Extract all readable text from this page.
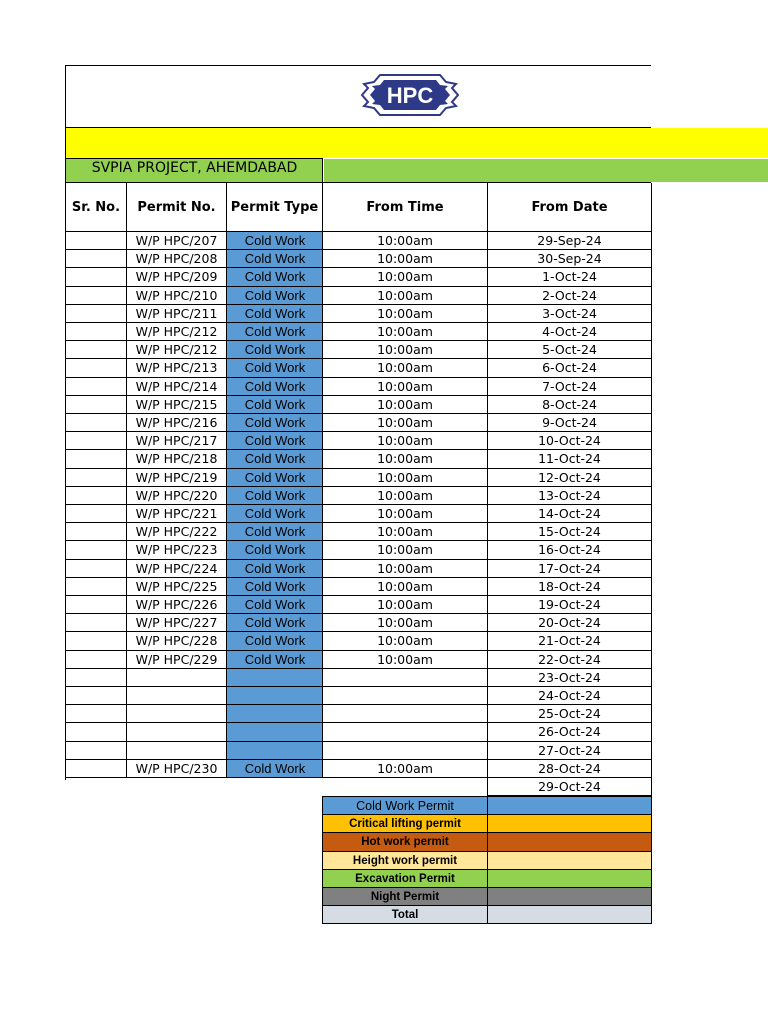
HPC
SVPIA PROJECT, AHEMDABAD
Sr. No.	Permit No.	Permit Type	From Time	From Date
W/P HPC/207	Cold Work	10:00am	29-Sep-24
W/P HPC/208	Cold Work	10:00am	30-Sep-24
W/P HPC/209	Cold Work	10:00am	1-Oct-24
W/P HPC/210	Cold Work	10:00am	2-Oct-24
W/P HPC/211	Cold Work	10:00am	3-Oct-24
W/P HPC/212	Cold Work	10:00am	4-Oct-24
W/P HPC/212	Cold Work	10:00am	5-Oct-24
W/P HPC/213	Cold Work	10:00am	6-Oct-24
W/P HPC/214	Cold Work	10:00am	7-Oct-24
W/P HPC/215	Cold Work	10:00am	8-Oct-24
W/P HPC/216	Cold Work	10:00am	9-Oct-24
W/P HPC/217	Cold Work	10:00am	10-Oct-24
W/P HPC/218	Cold Work	10:00am	11-Oct-24
W/P HPC/219	Cold Work	10:00am	12-Oct-24
W/P HPC/220	Cold Work	10:00am	13-Oct-24
W/P HPC/221	Cold Work	10:00am	14-Oct-24
W/P HPC/222	Cold Work	10:00am	15-Oct-24
W/P HPC/223	Cold Work	10:00am	16-Oct-24
W/P HPC/224	Cold Work	10:00am	17-Oct-24
W/P HPC/225	Cold Work	10:00am	18-Oct-24
W/P HPC/226	Cold Work	10:00am	19-Oct-24
W/P HPC/227	Cold Work	10:00am	20-Oct-24
W/P HPC/228	Cold Work	10:00am	21-Oct-24
W/P HPC/229	Cold Work	10:00am	22-Oct-24
23-Oct-24
24-Oct-24
25-Oct-24
26-Oct-24
27-Oct-24
W/P HPC/230	Cold Work	10:00am	28-Oct-24
29-Oct-24
Cold Work Permit
Critical lifting permit
Hot work permit
Height work permit
Excavation Permit
Night Permit
Total
